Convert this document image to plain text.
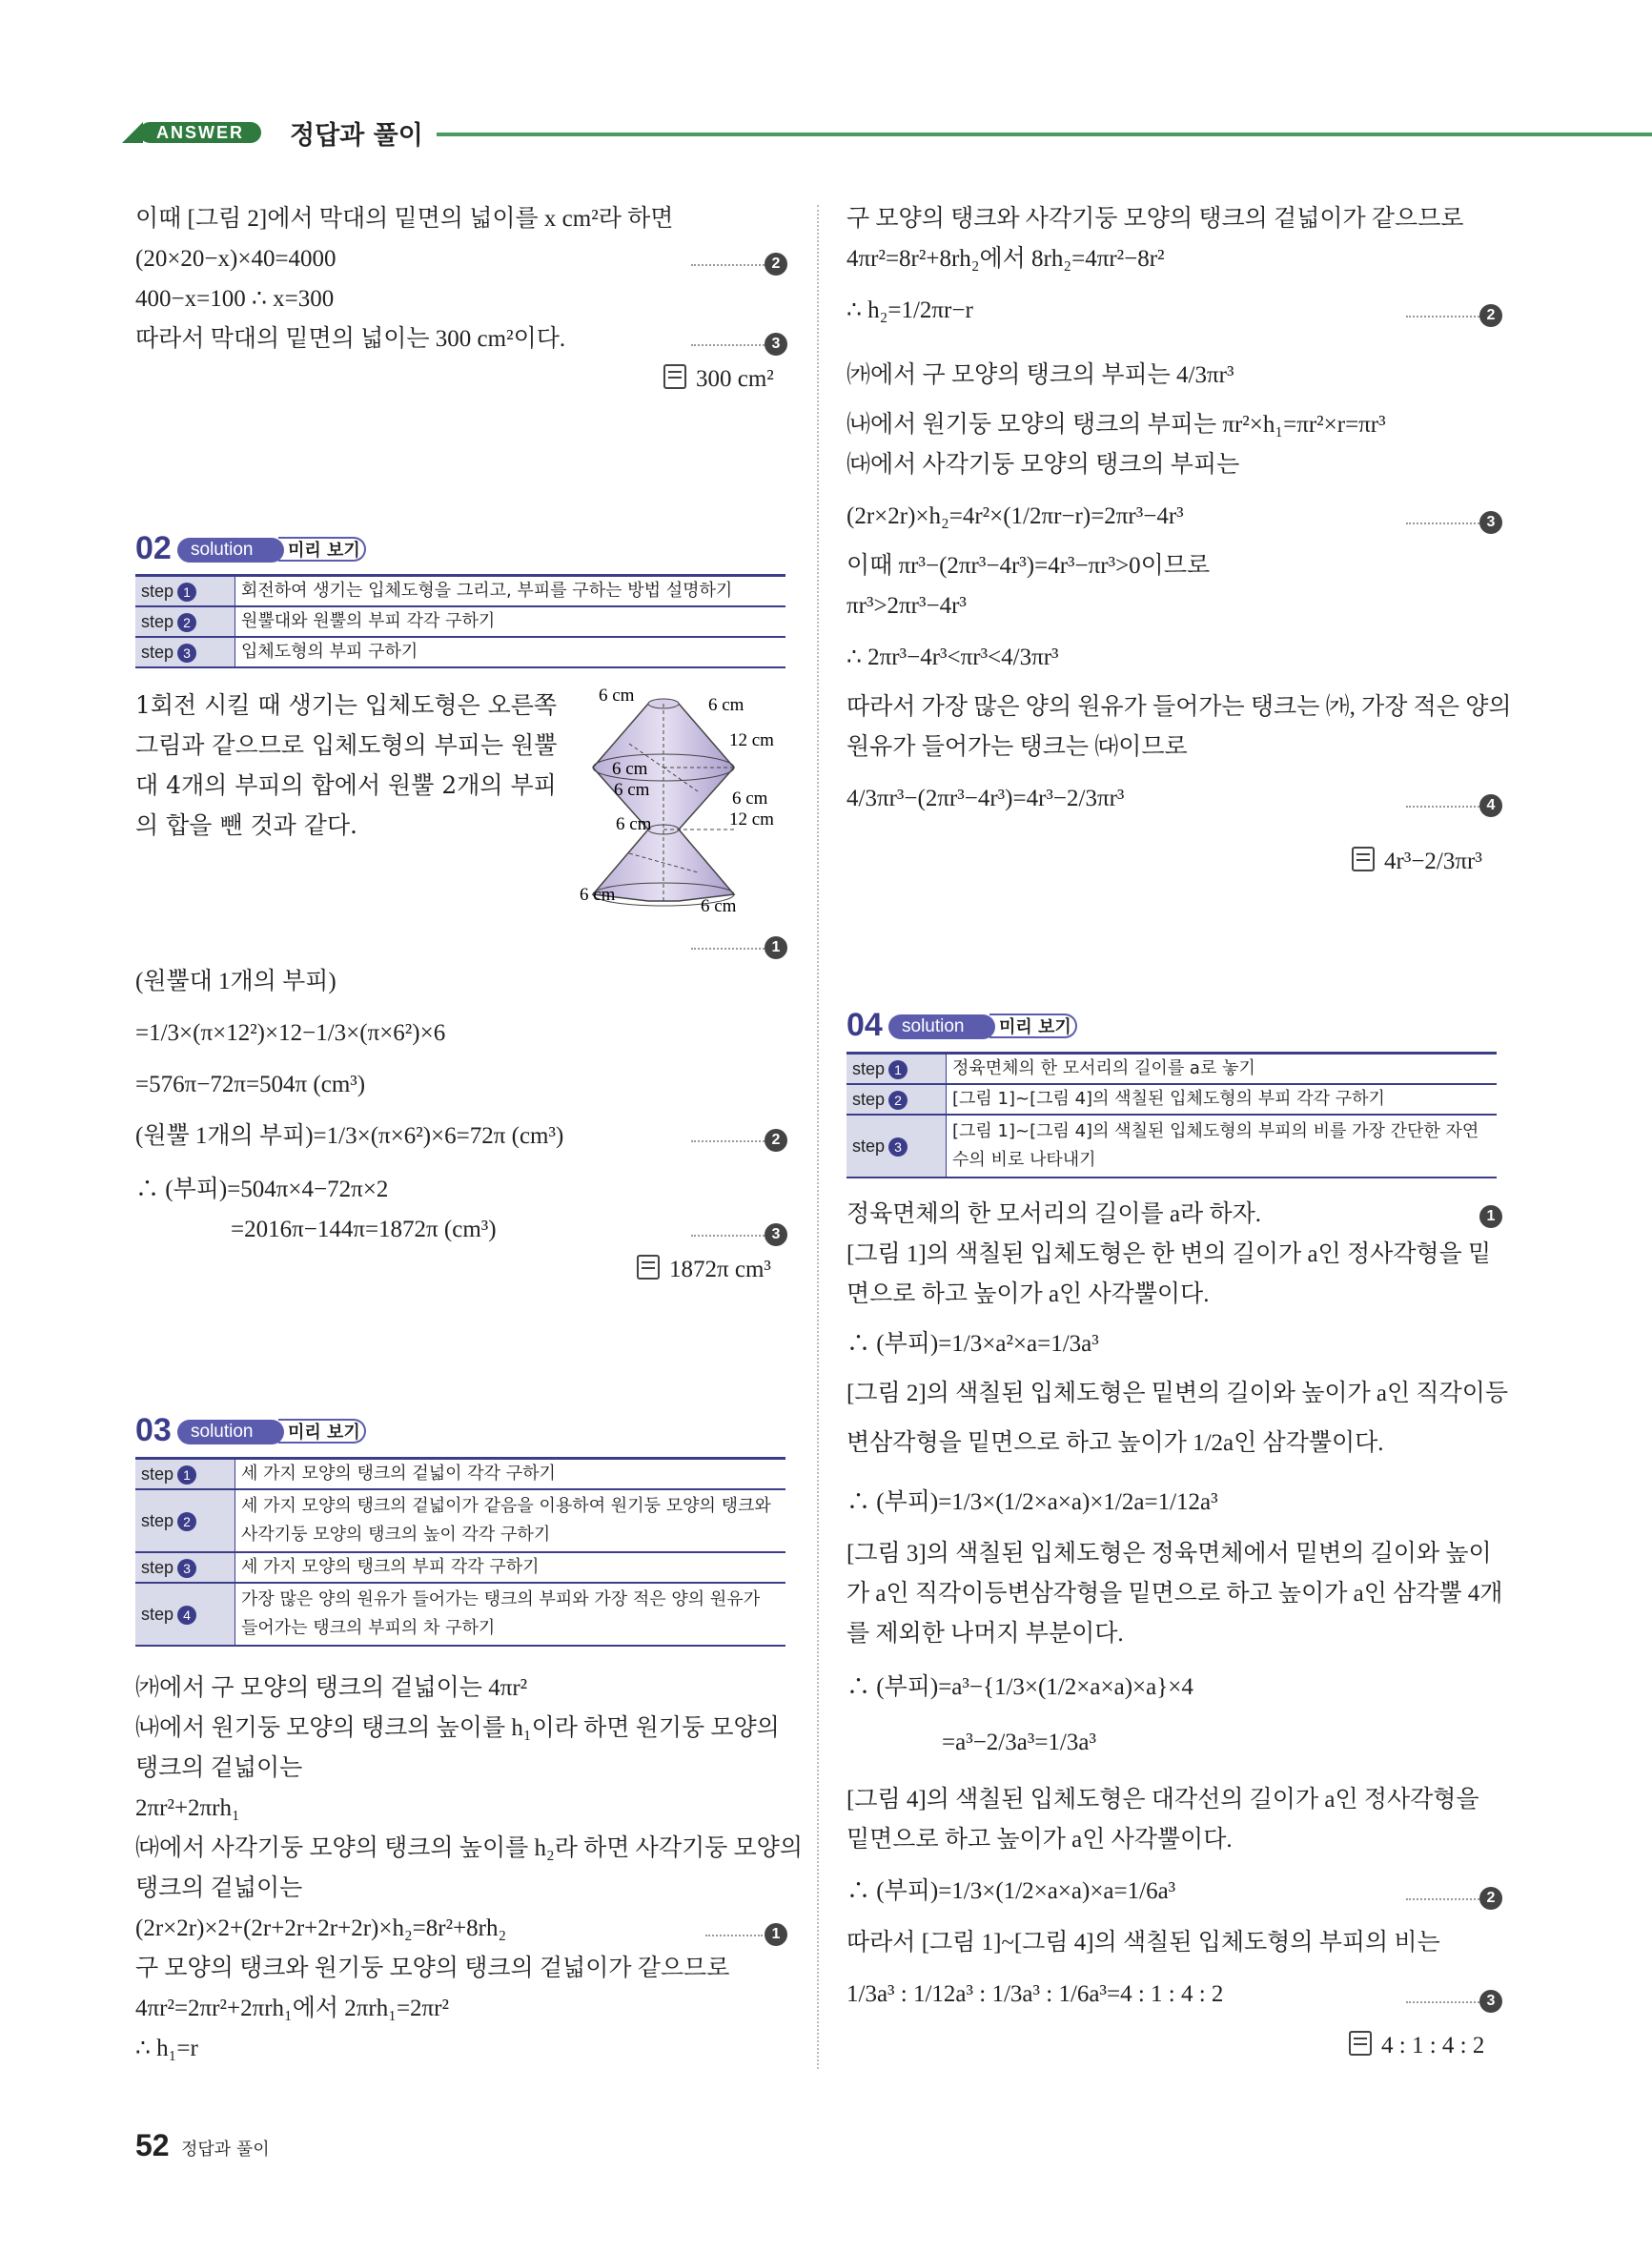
ANSWER	정답과 풀이
이때 [그림 2]에서 막대의 밑면의 넓이를 x cm²라 하면
(20×20−x)×40=4000	2
400−x=100 ∴ x=300
따라서 막대의 밑면의 넓이는 300 cm²이다.	3
300 cm²
02	solution	미리 보기
step 1	회전하여 생기는 입체도형을 그리고, 부피를 구하는 방법 설명하기
step 2	원뿔대와 원뿔의 부피 각각 구하기
step 3	입체도형의 부피 구하기
1회전 시킬 때 생기는 입체도형은 오른쪽
그림과 같으므로 입체도형의 부피는 원뿔
대 4개의 부피의 합에서 원뿔 2개의 부피
의 합을 뺀 것과 같다.
6 cm	6 cm
12 cm
6 cm
6 cm	6 cm
6 cm	12 cm
6 cm
6 cm
1
(원뿔대 1개의 부피)
=1/3×(π×12²)×12−1/3×(π×6²)×6
=576π−72π=504π (cm³)
(원뿔 1개의 부피)=1/3×(π×6²)×6=72π (cm³)	2
∴ (부피)=504π×4−72π×2
=2016π−144π=1872π (cm³)	3
1872π cm³
03	solution	미리 보기
step 1	세 가지 모양의 탱크의 겉넓이 각각 구하기
step 2	세 가지 모양의 탱크의 겉넓이가 같음을 이용하여 원기둥 모양의 탱크와 사각기둥 모양의 탱크의 높이 각각 구하기
step 3	세 가지 모양의 탱크의 부피 각각 구하기
step 4	가장 많은 양의 원유가 들어가는 탱크의 부피와 가장 적은 양의 원유가 들어가는 탱크의 부피의 차 구하기
㈎에서 구 모양의 탱크의 겉넓이는 4πr²
㈏에서 원기둥 모양의 탱크의 높이를 h₁이라 하면 원기둥 모양의
탱크의 겉넓이는
2πr²+2πrh₁
㈐에서 사각기둥 모양의 탱크의 높이를 h₂라 하면 사각기둥 모양의
탱크의 겉넓이는
(2r×2r)×2+(2r+2r+2r+2r)×h₂=8r²+8rh₂	1
구 모양의 탱크와 원기둥 모양의 탱크의 겉넓이가 같으므로
4πr²=2πr²+2πrh₁에서 2πrh₁=2πr²
∴ h₁=r
구 모양의 탱크와 사각기둥 모양의 탱크의 겉넓이가 같으므로
4πr²=8r²+8rh₂에서 8rh₂=4πr²−8r²
∴ h₂=1/2πr−r	2
㈎에서 구 모양의 탱크의 부피는 4/3πr³
㈏에서 원기둥 모양의 탱크의 부피는 πr²×h₁=πr²×r=πr³
㈐에서 사각기둥 모양의 탱크의 부피는
(2r×2r)×h₂=4r²×(1/2πr−r)=2πr³−4r³	3
이때 πr³−(2πr³−4r³)=4r³−πr³>0이므로
πr³>2πr³−4r³
∴ 2πr³−4r³<πr³<4/3πr³
따라서 가장 많은 양의 원유가 들어가는 탱크는 ㈎, 가장 적은 양의
원유가 들어가는 탱크는 ㈐이므로
4/3πr³−(2πr³−4r³)=4r³−2/3πr³	4
4r³−2/3πr³
04	solution	미리 보기
step 1	정육면체의 한 모서리의 길이를 a로 놓기
step 2	[그림 1]~[그림 4]의 색칠된 입체도형의 부피 각각 구하기
step 3	[그림 1]~[그림 4]의 색칠된 입체도형의 부피의 비를 가장 간단한 자연수의 비로 나타내기
정육면체의 한 모서리의 길이를 a라 하자.	1
[그림 1]의 색칠된 입체도형은 한 변의 길이가 a인 정사각형을 밑
면으로 하고 높이가 a인 사각뿔이다.
∴ (부피)=1/3×a²×a=1/3a³
[그림 2]의 색칠된 입체도형은 밑변의 길이와 높이가 a인 직각이등
변삼각형을 밑면으로 하고 높이가 1/2a인 삼각뿔이다.
∴ (부피)=1/3×(1/2×a×a)×1/2a=1/12a³
[그림 3]의 색칠된 입체도형은 정육면체에서 밑변의 길이와 높이
가 a인 직각이등변삼각형을 밑면으로 하고 높이가 a인 삼각뿔 4개
를 제외한 나머지 부분이다.
∴ (부피)=a³−{1/3×(1/2×a×a)×a}×4
=a³−2/3a³=1/3a³
[그림 4]의 색칠된 입체도형은 대각선의 길이가 a인 정사각형을
밑면으로 하고 높이가 a인 사각뿔이다.
∴ (부피)=1/3×(1/2×a×a)×a=1/6a³	2
따라서 [그림 1]~[그림 4]의 색칠된 입체도형의 부피의 비는
1/3a³ : 1/12a³ : 1/3a³ : 1/6a³=4 : 1 : 4 : 2	3
4 : 1 : 4 : 2
52 정답과 풀이
